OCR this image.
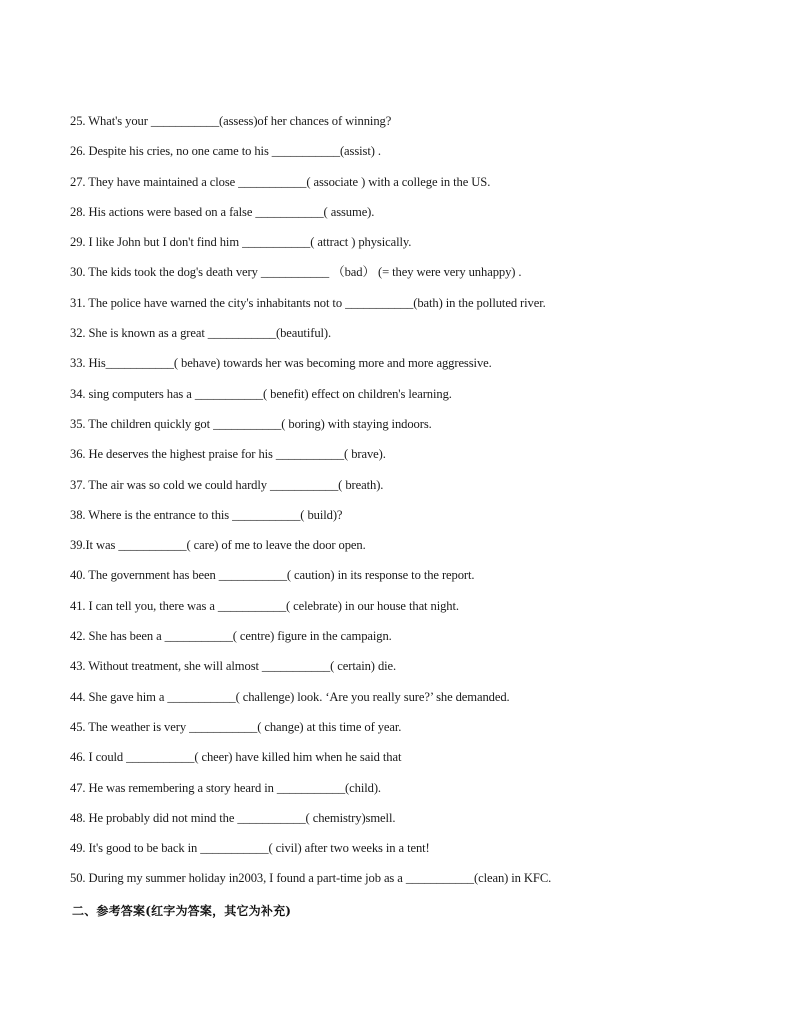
25. What's your ___________(assess)of her chances of winning?
26. Despite his cries, no one came to his ___________(assist) .
27. They have maintained a close ___________( associate ) with a college in the US.
28. His actions were based on a false ___________( assume).
29. I like John but I don't find him ___________( attract ) physically.
30. The kids took the dog's death very ___________ （bad） (= they were very unhappy) .
31. The police have warned the city's inhabitants not to ___________(bath) in the polluted river.
32. She is known as a great ___________(beautiful).
33. His___________( behave) towards her was becoming more and more aggressive.
34. sing computers has a ___________( benefit) effect on children's learning.
35. The children quickly got ___________( boring) with staying indoors.
36. He deserves the highest praise for his ___________( brave).
37. The air was so cold we could hardly ___________( breath).
38. Where is the entrance to this ___________( build)?
39.It was ___________( care) of me to leave the door open.
40. The government has been ___________( caution) in its response to the report.
41. I can tell you, there was a ___________( celebrate) in our house that night.
42. She has been a ___________( centre) figure in the campaign.
43. Without treatment, she will almost ___________( certain) die.
44. She gave him a ___________( challenge) look. ‘Are you really sure?’ she demanded.
45. The weather is very ___________( change) at this time of year.
46. I could ___________( cheer) have killed him when he said that
47. He was remembering a story heard in ___________(child).
48. He probably did not mind the ___________( chemistry)smell.
49. It's good to be back in ___________( civil) after two weeks in a tent!
50. During my summer holiday in2003, I found a part-time job as a ___________(clean) in KFC.
二、参考答案(红字为答案，其它为补充)
